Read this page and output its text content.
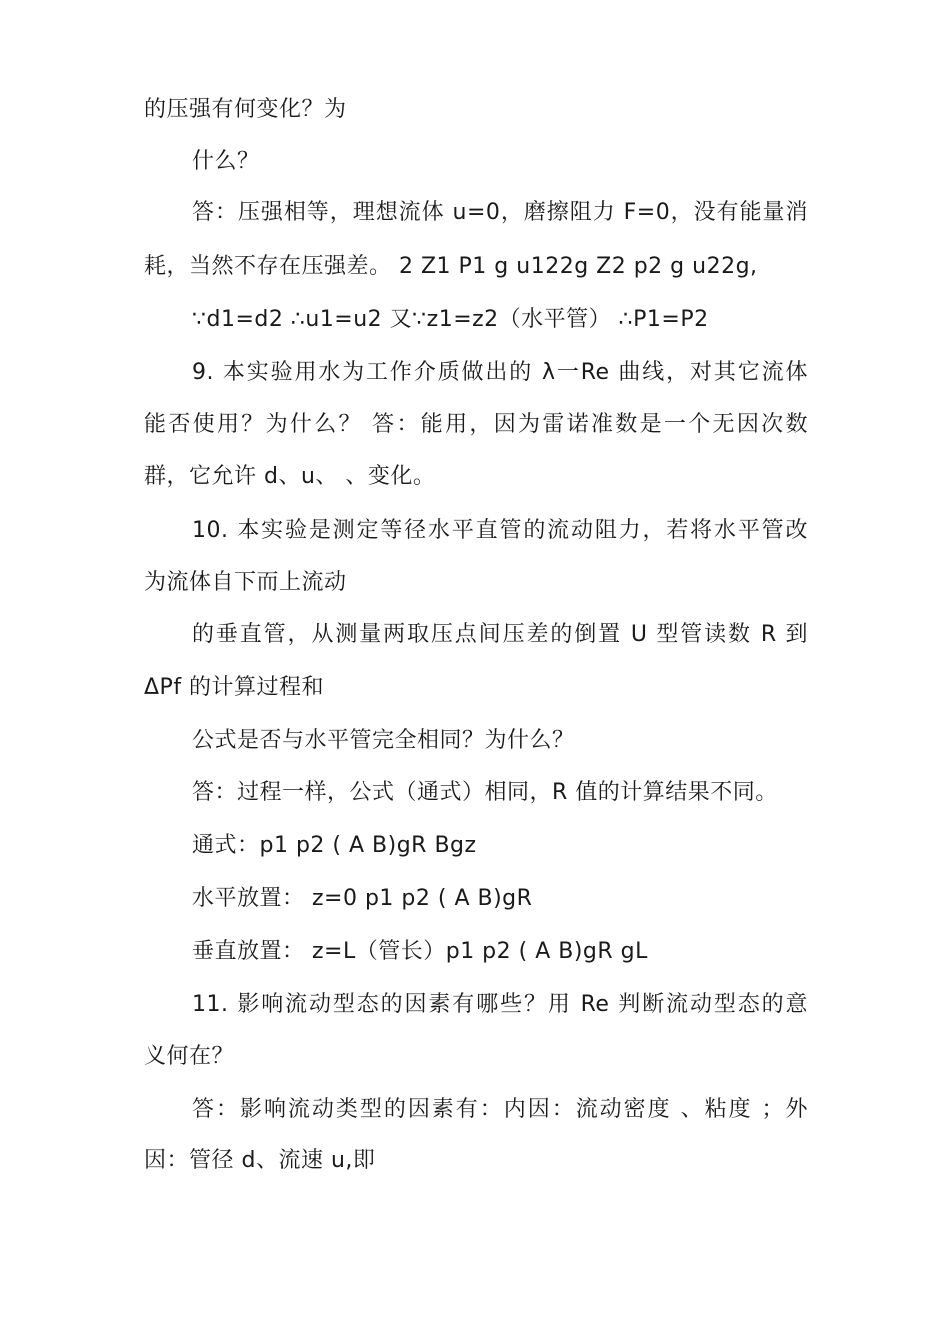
的压强有何变化？为
什么？
答：压强相等，理想流体 u=0，磨擦阻力 F=0，没有能量消
耗，当然不存在压强差。 2 Z1 P1 g u122g Z2 p2 g u22g,
∵d1=d2 ∴u1=u2 又∵z1=z2（水平管） ∴P1=P2
9. 本实验用水为工作介质做出的 λ一Re 曲线，对其它流体
能否使用？为什么？ 答：能用，因为雷诺准数是一个无因次数
群，它允许 d、u、 、变化。
10. 本实验是测定等径水平直管的流动阻力，若将水平管改
为流体自下而上流动
的垂直管，从测量两取压点间压差的倒置 U 型管读数 R 到
ΔPf 的计算过程和
公式是否与水平管完全相同？为什么？
答：过程一样，公式（通式）相同，R 值的计算结果不同。
通式：p1 p2 ( A B)gR Bgz
水平放置： z=0 p1 p2 ( A B)gR
垂直放置： z=L（管长）p1 p2 ( A B)gR gL
11. 影响流动型态的因素有哪些？用 Re 判断流动型态的意
义何在？
答：影响流动类型的因素有：内因：流动密度 、粘度 ；外
因：管径 d、流速 u,即
